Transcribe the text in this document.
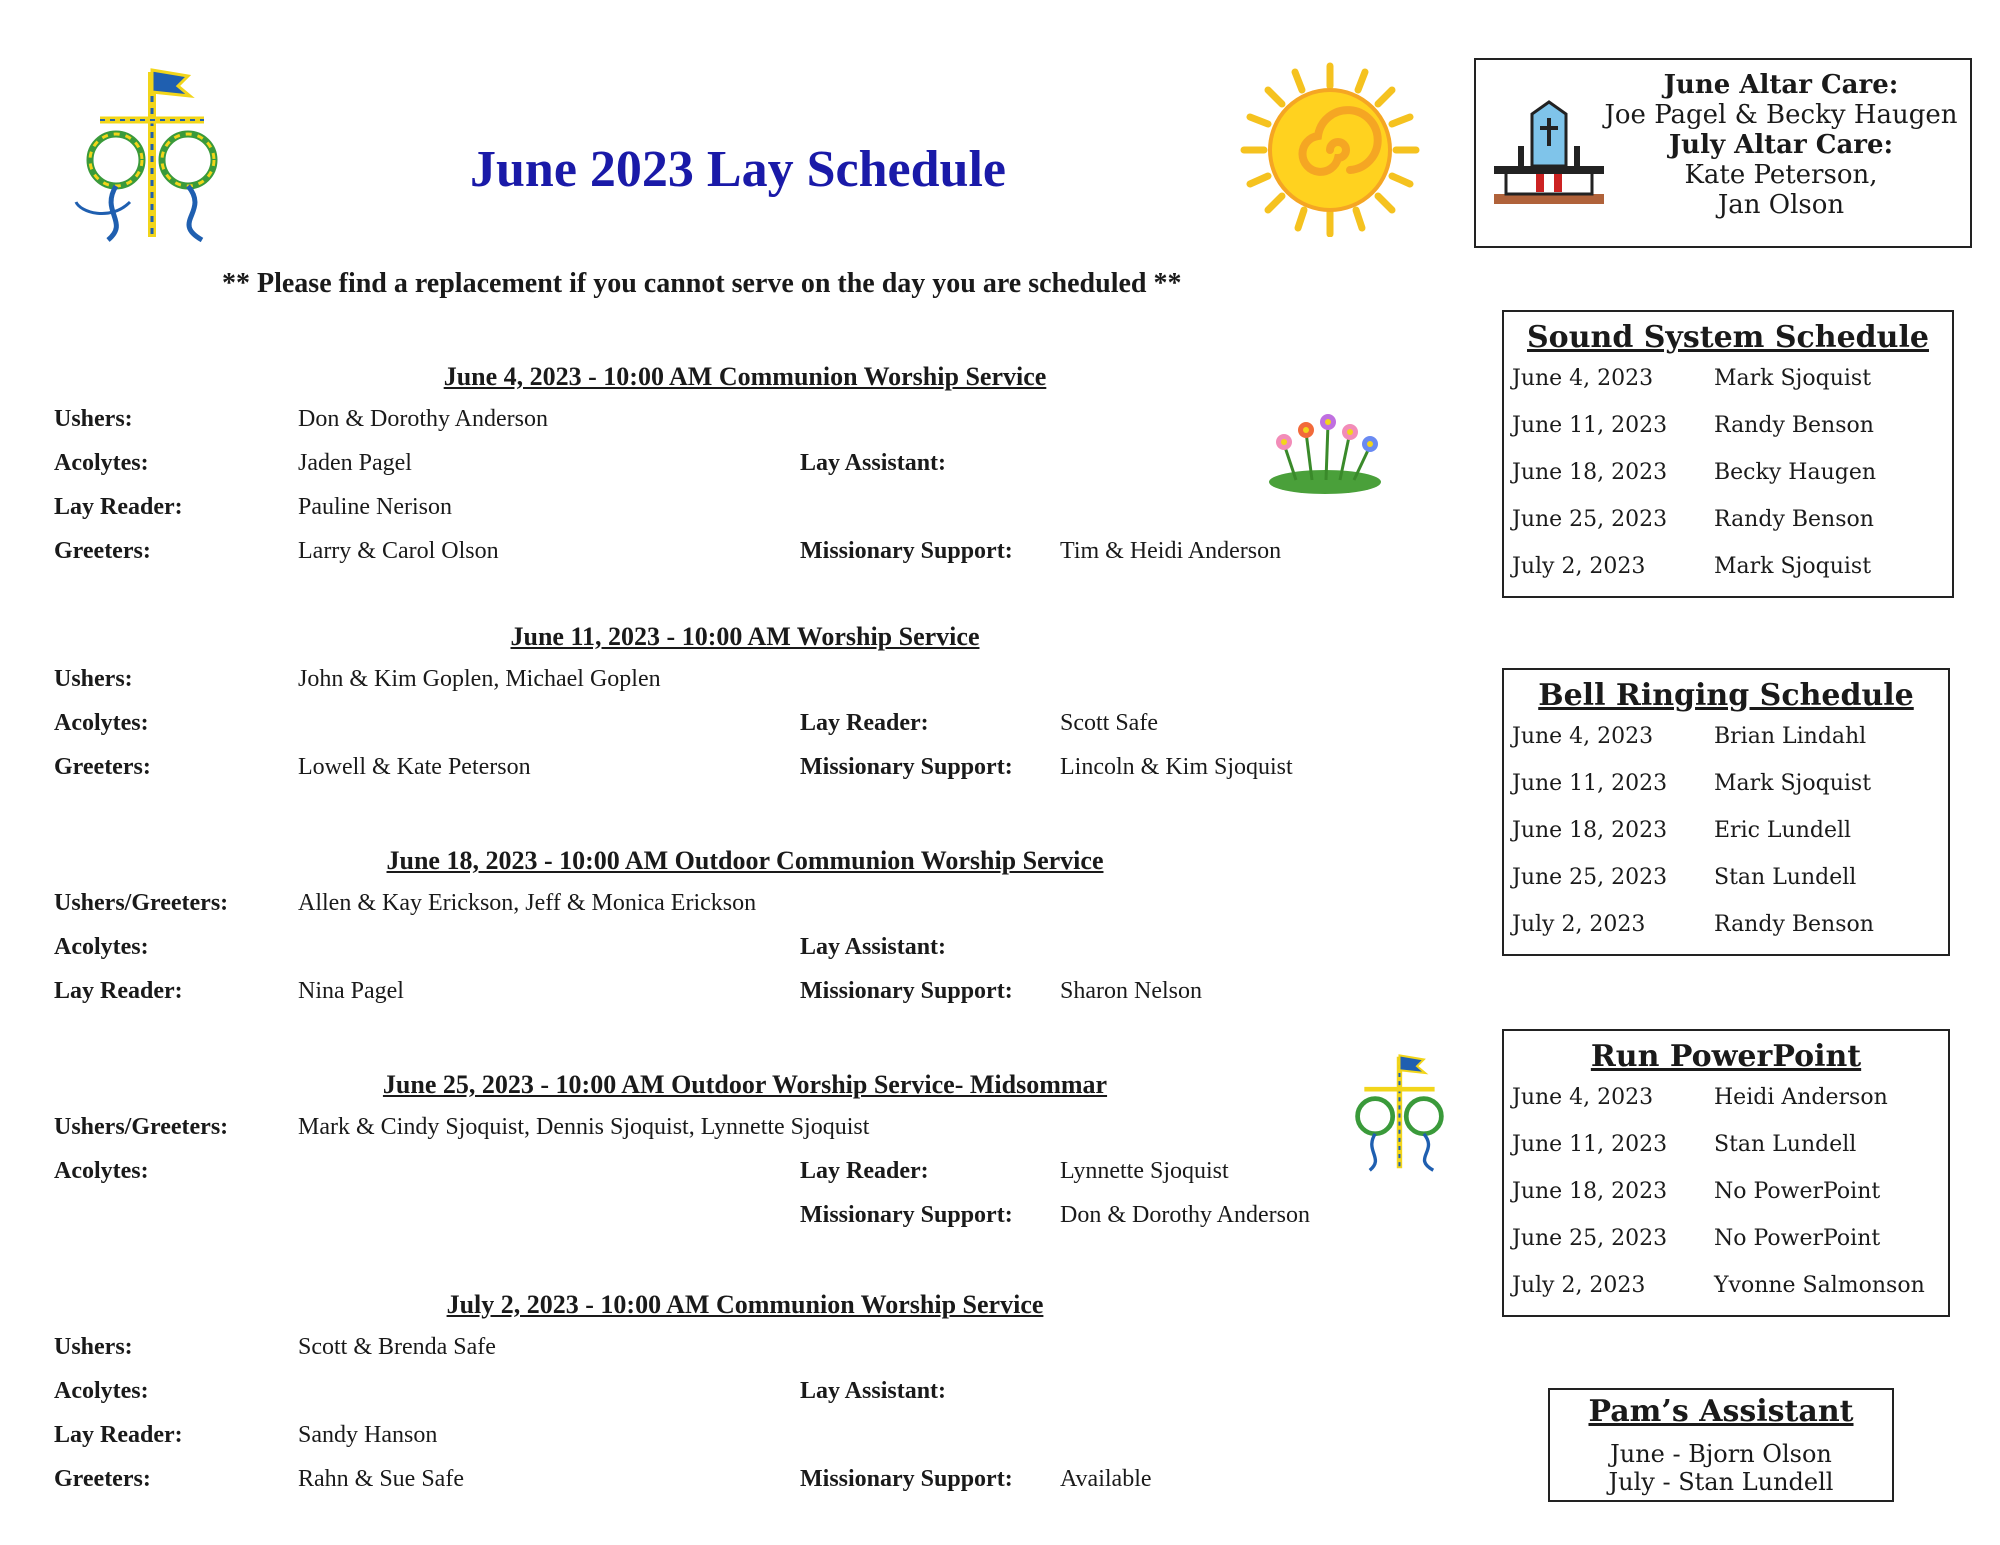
June 2023 Lay Schedule
June Altar Care:
Joe Pagel & Becky Haugen
July Altar Care:
Kate Peterson,
Jan Olson
** Please find a replacement if you cannot serve on the day you are scheduled **
June 4, 2023 - 10:00 AM Communion Worship Service
Ushers:	Don & Dorothy Anderson
Acolytes:	Jaden Pagel	Lay Assistant:
Lay Reader:	Pauline Nerison
Greeters:	Larry & Carol Olson	Missionary Support: Tim & Heidi Anderson
June 11, 2023 - 10:00 AM Worship Service
Ushers:	John & Kim Goplen, Michael Goplen
Acolytes:	Lay Reader:	Scott Safe
Greeters:	Lowell & Kate Peterson	Missionary Support: Lincoln & Kim Sjoquist
June 18, 2023 - 10:00 AM Outdoor Communion Worship Service
Ushers/Greeters:	Allen & Kay Erickson, Jeff & Monica Erickson
Acolytes:	Lay Assistant:
Lay Reader:	Nina Pagel	Missionary Support: Sharon Nelson
June 25, 2023 - 10:00 AM Outdoor Worship Service- Midsommar
Ushers/Greeters:	Mark & Cindy Sjoquist, Dennis Sjoquist, Lynnette Sjoquist
Acolytes:	Lay Reader:	Lynnette Sjoquist
Missionary Support: Don & Dorothy Anderson
July 2, 2023 - 10:00 AM Communion Worship Service
Ushers:	Scott & Brenda Safe
Acolytes:	Lay Assistant:
Lay Reader:	Sandy Hanson
Greeters:	Rahn & Sue Safe	Missionary Support: Available
Sound System Schedule
June 4, 2023	Mark Sjoquist
June 11, 2023 Randy Benson
June 18, 2023 Becky Haugen
June 25, 2023 Randy Benson
July 2, 2023	Mark Sjoquist
Bell Ringing Schedule
June 4, 2023	Brian Lindahl
June 11, 2023 Mark Sjoquist
June 18, 2023 Eric Lundell
June 25, 2023 Stan Lundell
July 2, 2023	Randy Benson
Run PowerPoint
June 4, 2023	Heidi Anderson
June 11, 2023 Stan Lundell
June 18, 2023 No PowerPoint
June 25, 2023 No PowerPoint
July 2, 2023	Yvonne Salmonson
Pam’s Assistant
June - Bjorn Olson
July - Stan Lundell
